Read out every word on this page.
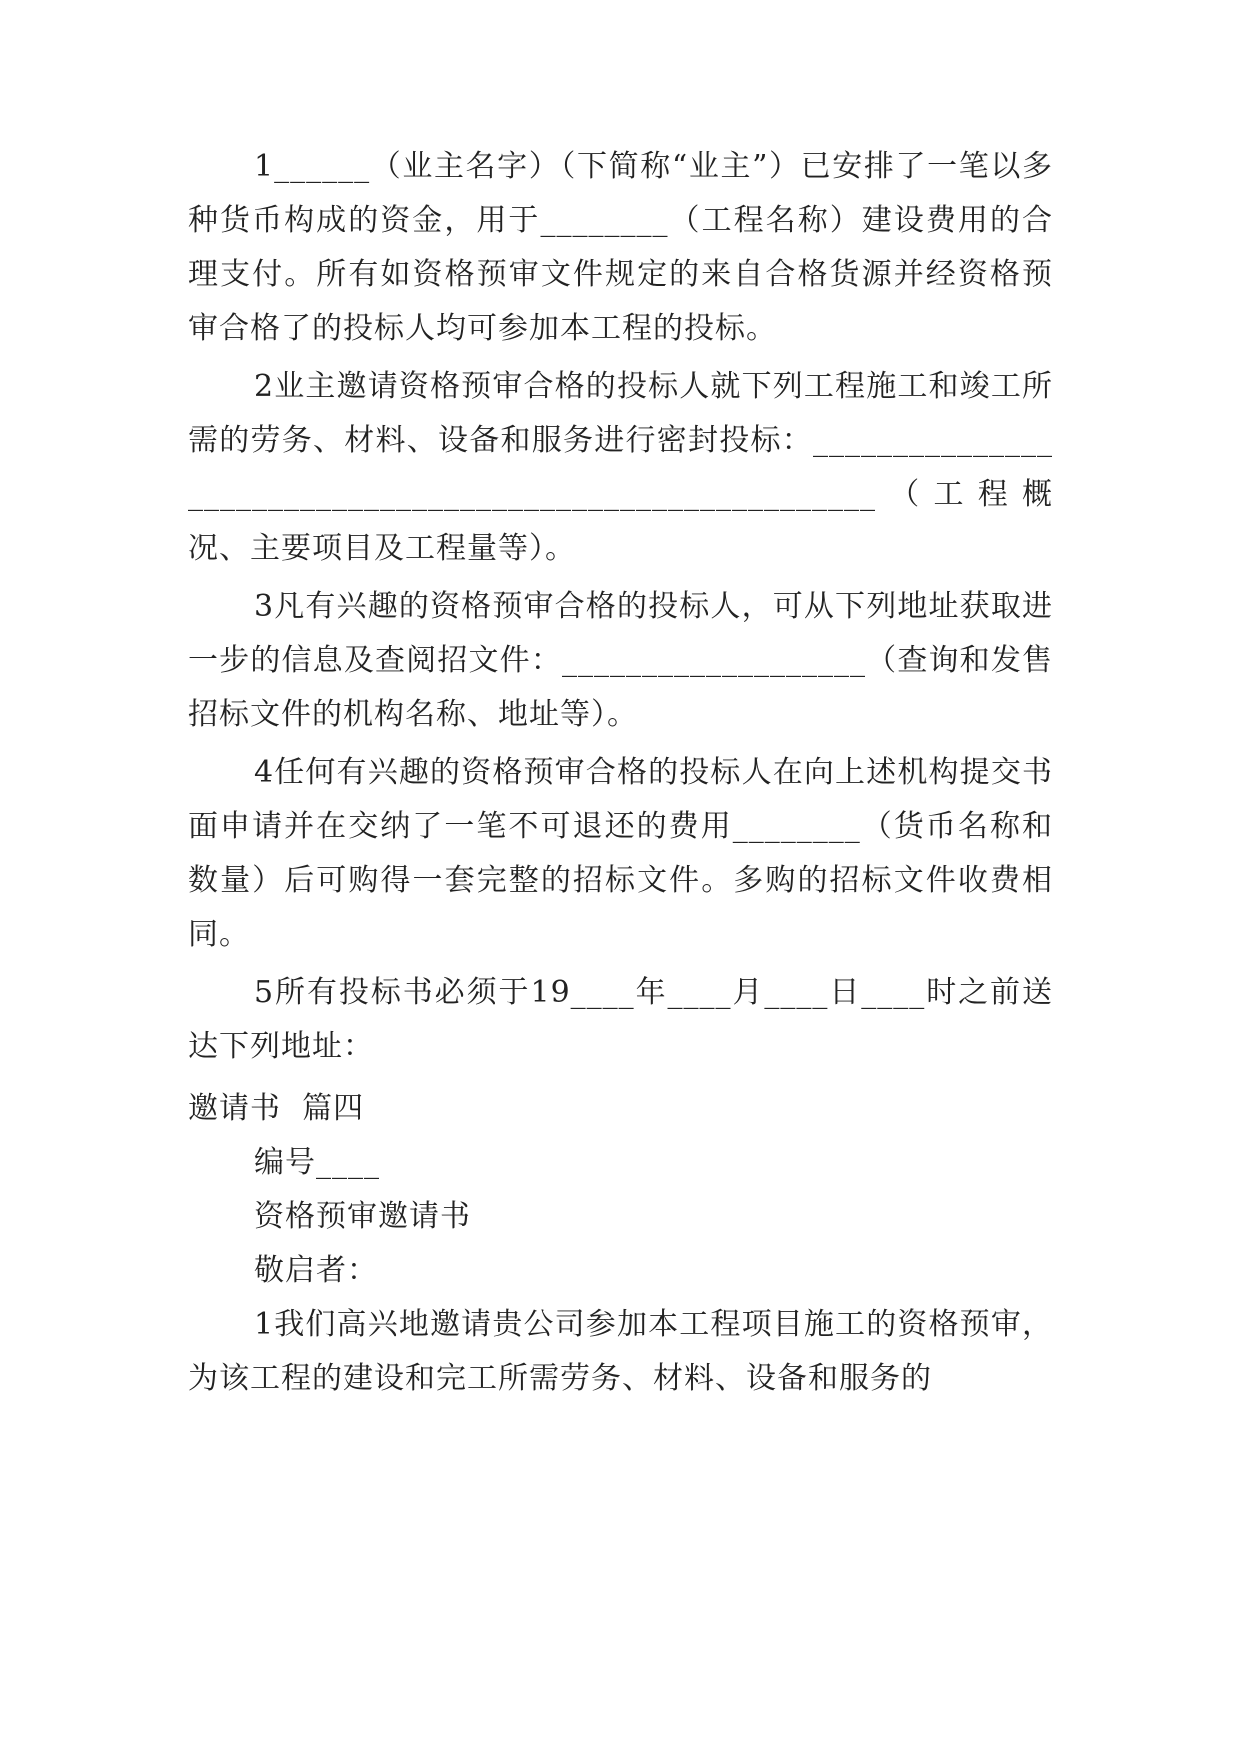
1______（业主名字）（下简称“业主”）已安排了一笔以多种货币构成的资金，用于________（工程名称）建设费用的合理支付。所有如资格预审文件规定的来自合格货源并经资格预审合格了的投标人均可参加本工程的投标。

2业主邀请资格预审合格的投标人就下列工程施工和竣工所需的劳务、材料、设备和服务进行密封投标：__________________________________________________________（工程概况、主要项目及工程量等）。

3凡有兴趣的资格预审合格的投标人，可从下列地址获取进一步的信息及查阅招文件：___________________（查询和发售招标文件的机构名称、地址等）。

4任何有兴趣的资格预审合格的投标人在向上述机构提交书面申请并在交纳了一笔不可退还的费用________（货币名称和数量）后可购得一套完整的招标文件。多购的招标文件收费相同。

5所有投标书必须于19____年____月____日____时之前送达下列地址：

邀请书  篇四

编号____

资格预审邀请书

敬启者：

1我们高兴地邀请贵公司参加本工程项目施工的资格预审，为该工程的建设和完工所需劳务、材料、设备和服务的
